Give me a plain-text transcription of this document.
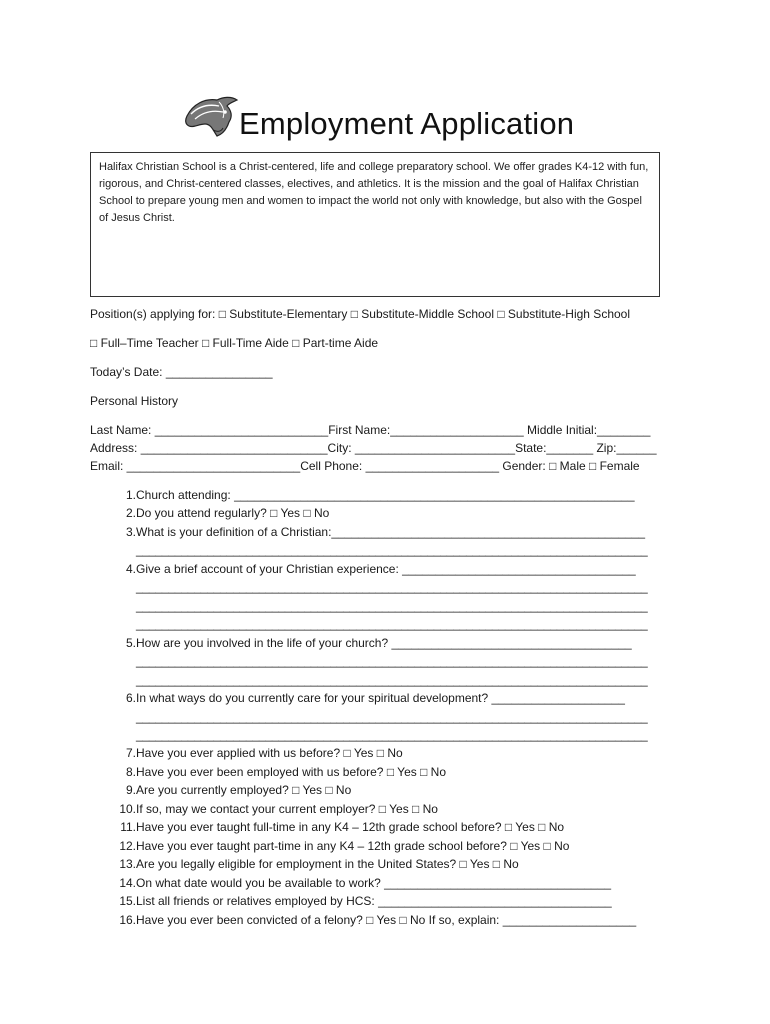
Employment Application
Halifax Christian School is a Christ-centered, life and college preparatory school. We offer grades K4-12 with fun, rigorous, and Christ-centered classes, electives, and athletics. It is the mission and the goal of Halifax Christian School to prepare young men and women to impact the world not only with knowledge, but also with the Gospel of Jesus Christ.
Position(s) applying for: □ Substitute-Elementary □ Substitute-Middle School □ Substitute-High School
□ Full–Time Teacher □ Full-Time Aide □ Part-time Aide
Today’s Date: ________________
Personal History
Last Name: __________________________First Name:____________________ Middle Initial:________
Address: ____________________________City: ________________________State:_______ Zip:______
Email: __________________________Cell Phone: ____________________ Gender: □ Male □ Female
1. Church attending: ____________________________________________________________
2. Do you attend regularly? □ Yes □ No
3. What is your definition of a Christian:_______________________________________________
_______________________________________________________________________________
4. Give a brief account of your Christian experience: ___________________________________
_______________________________________________________________________________
_______________________________________________________________________________
_______________________________________________________________________________
5. How are you involved in the life of your church? ____________________________________
_______________________________________________________________________________
_______________________________________________________________________________
6. In what ways do you currently care for your spiritual development? ____________________
_______________________________________________________________________________
_______________________________________________________________________________
7. Have you ever applied with us before? □ Yes □ No
8. Have you ever been employed with us before? □ Yes □ No
9. Are you currently employed? □ Yes □ No
10. If so, may we contact your current employer? □ Yes □ No
11. Have you ever taught full-time in any K4 – 12th grade school before? □ Yes □ No
12. Have you ever taught part-time in any K4 – 12th grade school before? □ Yes □ No
13. Are you legally eligible for employment in the United States? □ Yes □ No
14. On what date would you be available to work? __________________________________
15. List all friends or relatives employed by HCS: ___________________________________
16. Have you ever been convicted of a felony? □ Yes □ No If so, explain: ____________________
